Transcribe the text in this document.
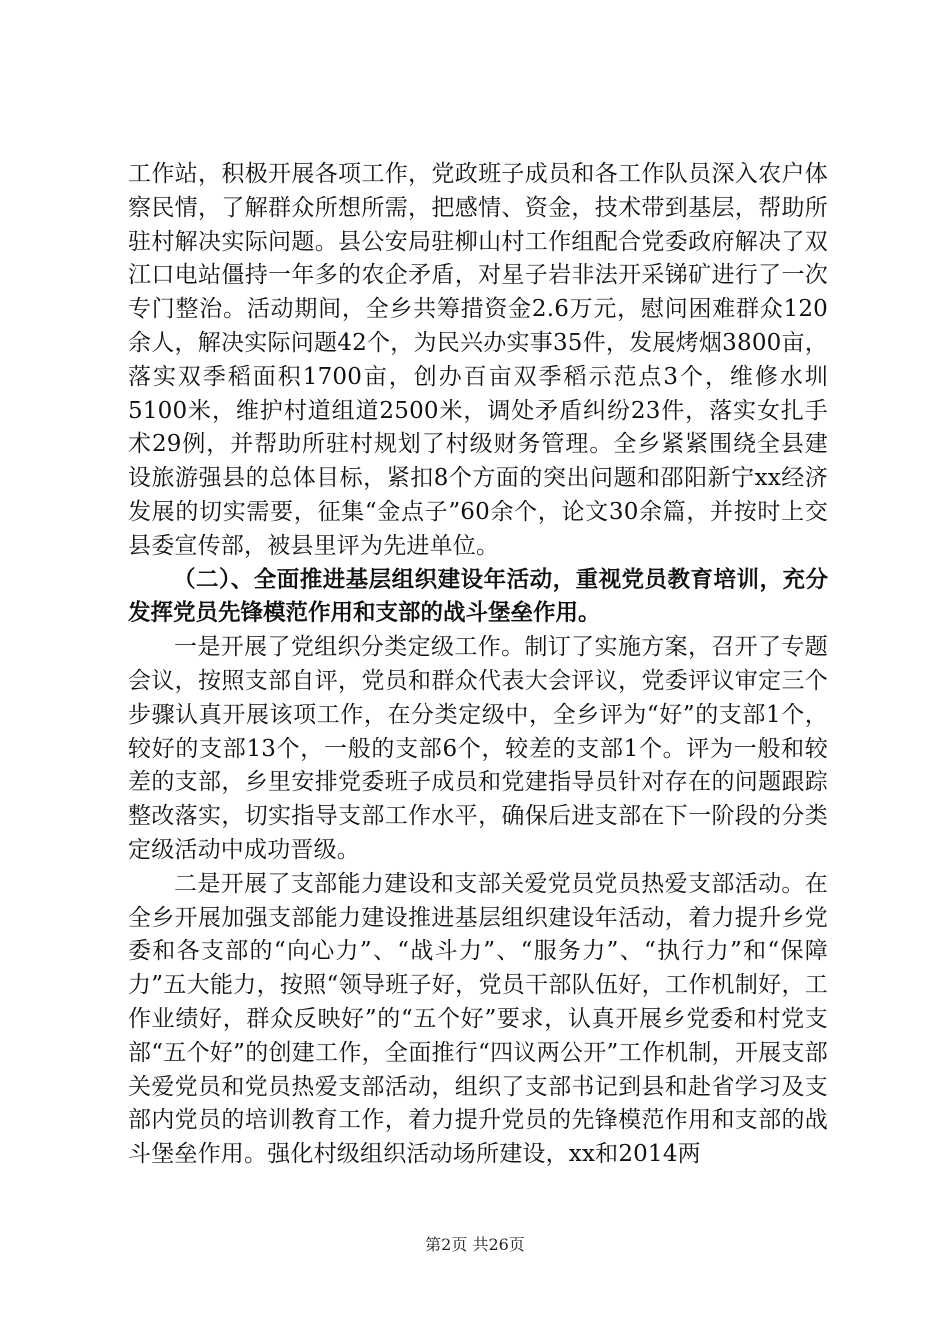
工作站，积极开展各项工作，党政班子成员和各工作队员深入农户体察民情，了解群众所想所需，把感情、资金，技术带到基层，帮助所驻村解决实际问题。县公安局驻柳山村工作组配合党委政府解决了双江口电站僵持一年多的农企矛盾，对星子岩非法开采锑矿进行了一次专门整治。活动期间，全乡共筹措资金2.6万元，慰问困难群众120余人，解决实际问题42个，为民兴办实事35件，发展烤烟3800亩，落实双季稻面积1700亩，创办百亩双季稻示范点3个，维修水圳5100米，维护村道组道2500米，调处矛盾纠纷23件，落实女扎手术29例，并帮助所驻村规划了村级财务管理。全乡紧紧围绕全县建设旅游强县的总体目标，紧扣8个方面的突出问题和邵阳新宁xx经济发展的切实需要，征集“金点子”60余个，论文30余篇，并按时上交县委宣传部，被县里评为先进单位。

（二）、全面推进基层组织建设年活动，重视党员教育培训，充分发挥党员先锋模范作用和支部的战斗堡垒作用。

一是开展了党组织分类定级工作。制订了实施方案，召开了专题会议，按照支部自评，党员和群众代表大会评议，党委评议审定三个步骤认真开展该项工作，在分类定级中，全乡评为“好”的支部1个，较好的支部13个，一般的支部6个，较差的支部1个。评为一般和较差的支部，乡里安排党委班子成员和党建指导员针对存在的问题跟踪整改落实，切实指导支部工作水平，确保后进支部在下一阶段的分类定级活动中成功晋级。

二是开展了支部能力建设和支部关爱党员党员热爱支部活动。在全乡开展加强支部能力建设推进基层组织建设年活动，着力提升乡党委和各支部的“向心力”、“战斗力”、“服务力”、“执行力”和“保障力”五大能力，按照“领导班子好，党员干部队伍好，工作机制好，工作业绩好，群众反映好”的“五个好”要求，认真开展乡党委和村党支部“五个好”的创建工作，全面推行“四议两公开”工作机制，开展支部关爱党员和党员热爱支部活动，组织了支部书记到县和赴省学习及支部内党员的培训教育工作，着力提升党员的先锋模范作用和支部的战斗堡垒作用。强化村级组织活动场所建设，xx和2014两

第2页 共26页
